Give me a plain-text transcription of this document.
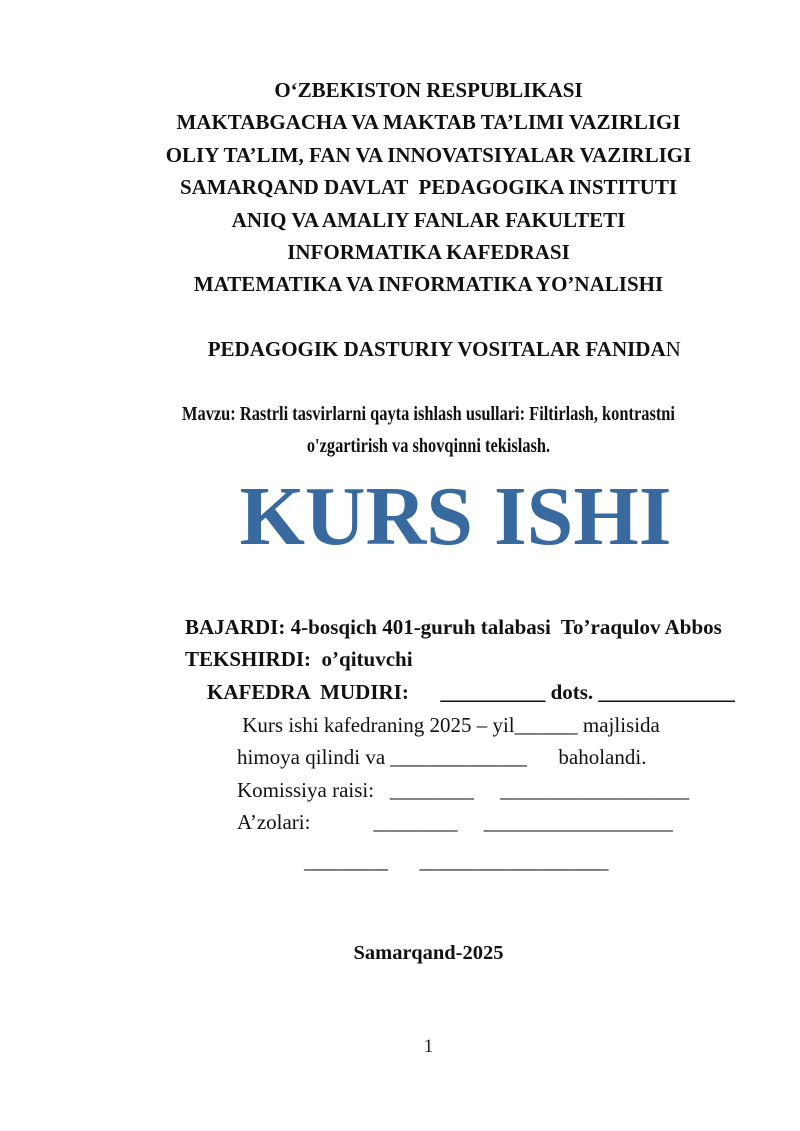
O‘ZBEKISTON RESPUBLIKASI
MAKTABGACHA VA MAKTAB TA’LIMI VAZIRLIGI
OLIY TA’LIM, FAN VA INNOVATSIYALAR VAZIRLIGI
SAMARQAND DAVLAT  PEDAGOGIKA INSTITUTI
ANIQ VA AMALIY FANLAR FAKULTETI
INFORMATIKA KAFEDRASI
MATEMATIKA VA INFORMATIKA YO’NALISHI

PEDAGOGIK DASTURIY VOSITALAR FANIDAN

Mavzu: Rastrli tasvirlarni qayta ishlash usullari: Filtirlash, kontrastni
o'zgartirish va shovqinni tekislash.
KURS ISHI
BAJARDI: 4-bosqich 401-guruh talabasi  To’raqulov Abbos
TEKSHIRDI:  o’qituvchi
KAFEDRA  MUDIRI:      __________ dots. _____________
Kurs ishi kafedraning 2025 – yil______ majlisida
himoya qilindi va _____________      baholandi.
Komissiya raisi:   ________     __________________
A’zolari:            ________     __________________
________      __________________
Samarqand-2025
1
